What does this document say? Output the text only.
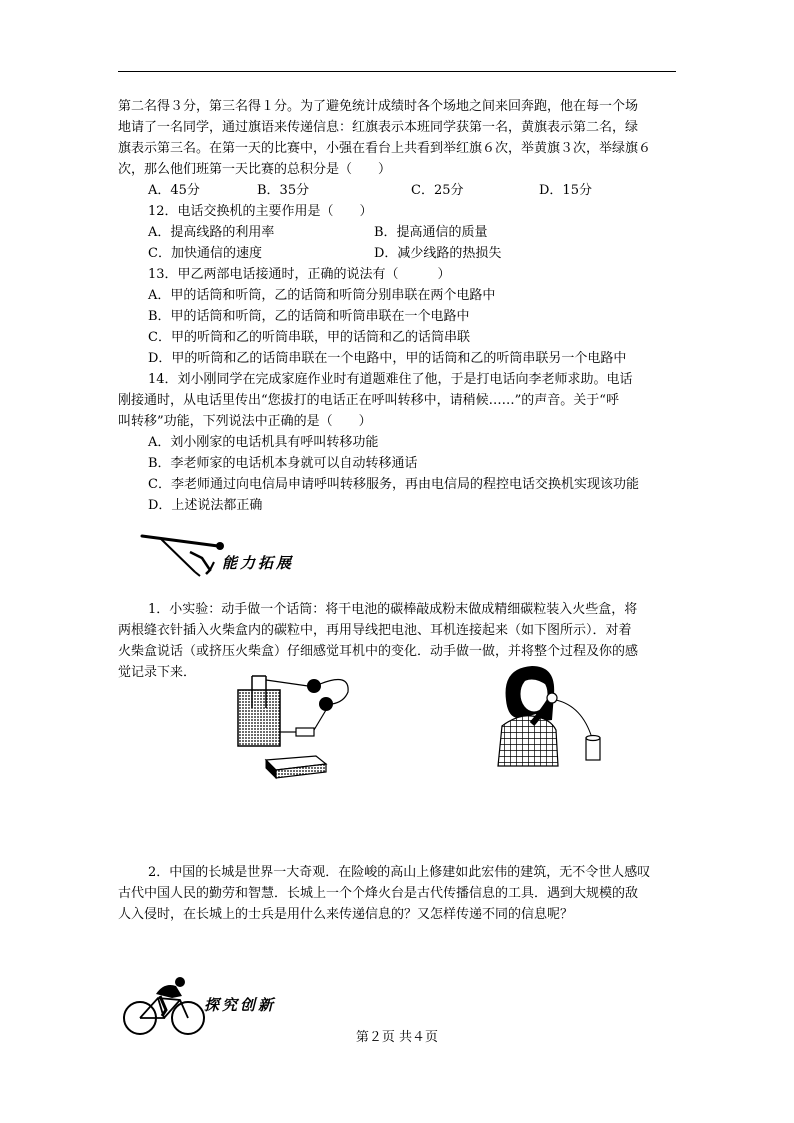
第二名得３分，第三名得１分。为了避免统计成绩时各个场地之间来回奔跑，他在每一个场
地请了一名同学，通过旗语来传递信息：红旗表示本班同学获第一名，黄旗表示第二名，绿
旗表示第三名。在第一天的比赛中，小强在看台上共看到举红旗６次，举黄旗３次，举绿旗６
次，那么他们班第一天比赛的总积分是（　　）
A．45分	B．35分	C．25分	D．15分
12．电话交换机的主要作用是（　　）
A．提高线路的利用率	B．提高通信的质量
C．加快通信的速度	D．减少线路的热损失
13．甲乙两部电话接通时，正确的说法有（　　　）
A．甲的话筒和听筒，乙的话筒和听筒分别串联在两个电路中
B．甲的话筒和听筒，乙的话筒和听筒串联在一个电路中
C．甲的听筒和乙的听筒串联，甲的话筒和乙的话筒串联
D．甲的听筒和乙的话筒串联在一个电路中，甲的话筒和乙的听筒串联另一个电路中
14．刘小刚同学在完成家庭作业时有道题难住了他，于是打电话向李老师求助。电话
刚接通时，从电话里传出“您拔打的电话正在呼叫转移中，请稍候……”的声音。关于“呼
叫转移”功能，下列说法中正确的是（　　）
A．刘小刚家的电话机具有呼叫转移功能
B．李老师家的电话机本身就可以自动转移通话
C．李老师通过向电信局申请呼叫转移服务，再由电信局的程控电话交换机实现该功能
D．上述说法都正确
能力拓展
1．小实验：动手做一个话筒：将干电池的碳棒敲成粉末做成精细碳粒装入火些盒，将
两根缝衣针插入火柴盒内的碳粒中，再用导线把电池、耳机连接起来（如下图所示）．对着
火柴盒说话（或挤压火柴盒）仔细感觉耳机中的变化．动手做一做，并将整个过程及你的感
觉记录下来．
2．中国的长城是世界一大奇观．在险峻的高山上修建如此宏伟的建筑，无不令世人感叹
古代中国人民的勤劳和智慧．长城上一个个烽火台是古代传播信息的工具．遇到大规模的敌
人入侵时，在长城上的士兵是用什么来传递信息的？又怎样传递不同的信息呢？
探究创新
第２页 共４页
